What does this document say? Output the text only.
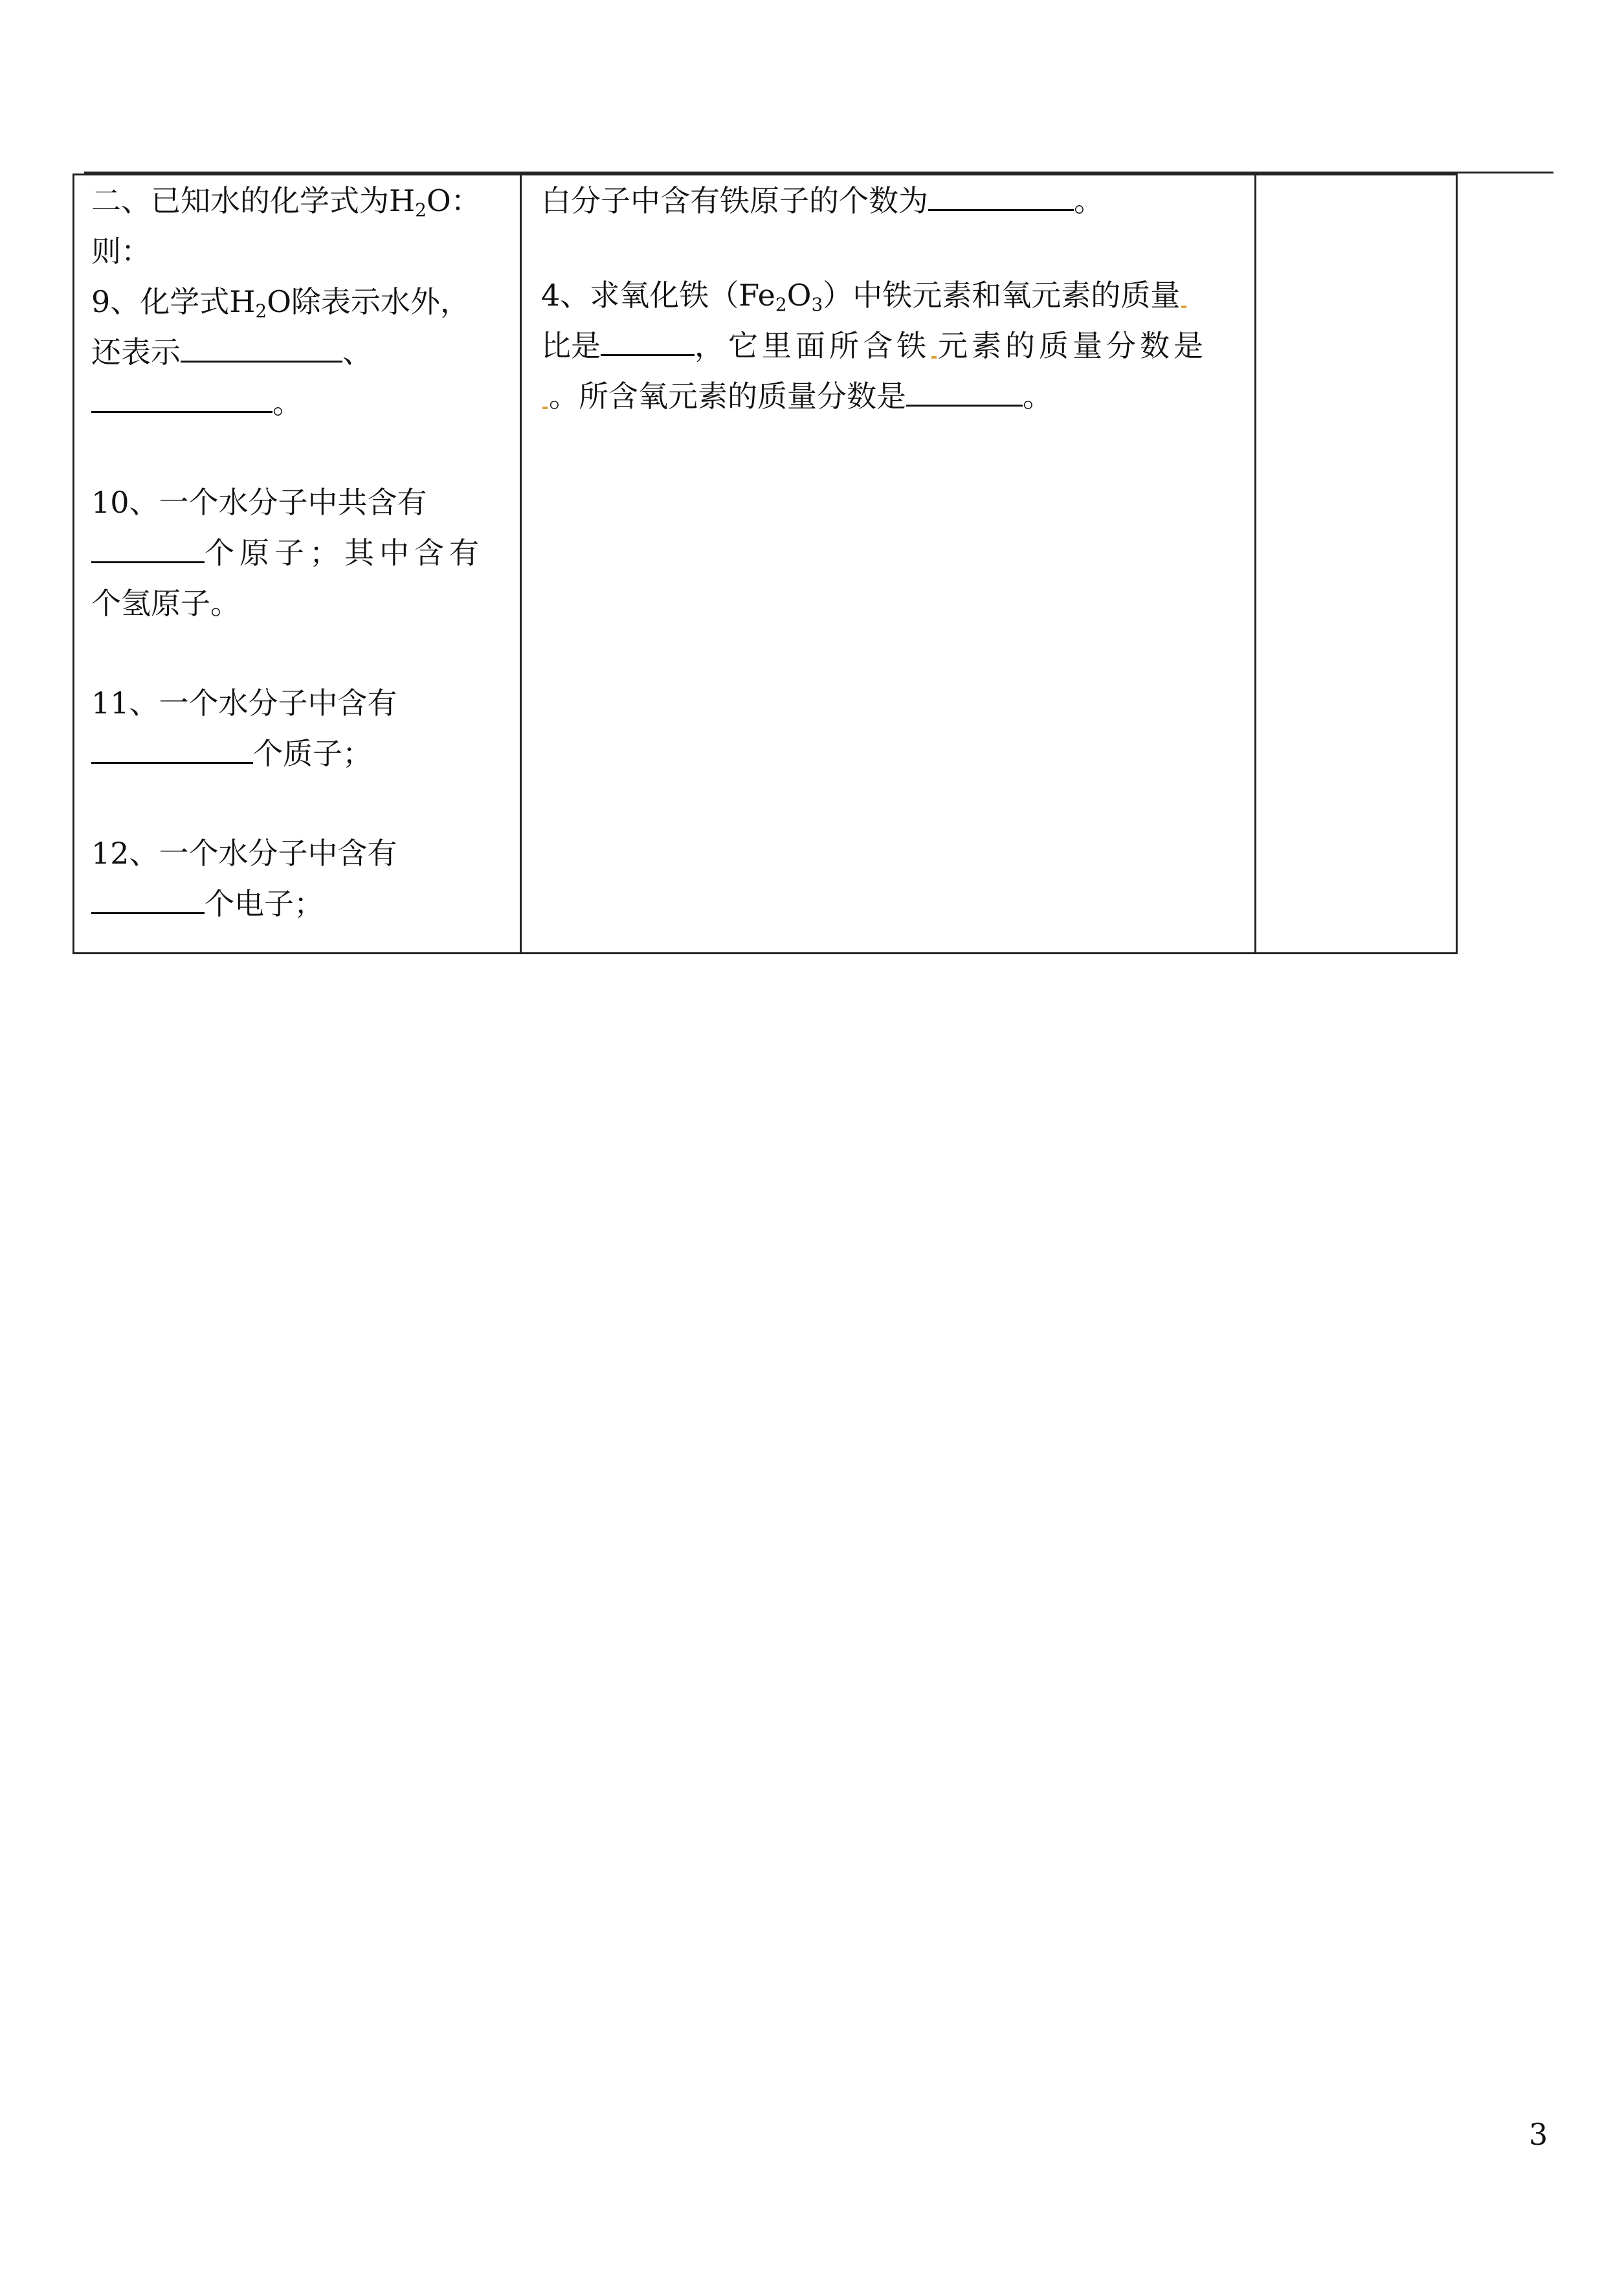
二、已知水的化学式为$H_2O$：
则：
9、化学式$H_2O$除表示水外，
还表示	、
。
10、一个水分子中共含有
个原子；其中含有
个氢原子。
11、一个水分子中含有
个质子；
12、一个水分子中含有
个电子；

白分子中含有铁原子的个数为	。
4、求氧化铁$(Fe_2O_3)$中铁元素和氧元素的质量
比是	，它里面所含铁 元素的质量分数是
。所含氧元素的质量分数是	。

3
